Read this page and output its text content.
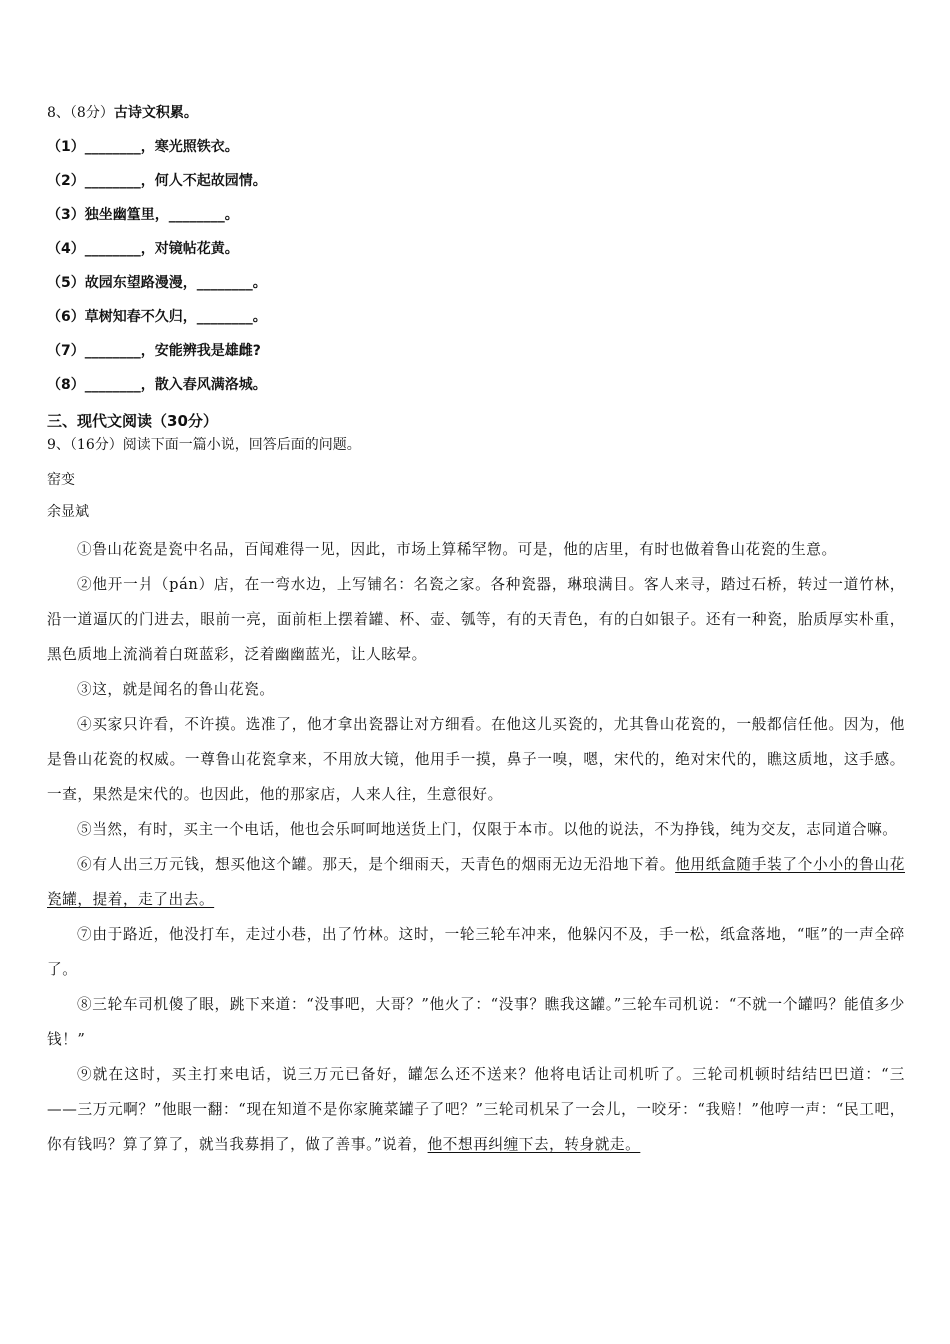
8、（8分）古诗文积累。
（1）________，寒光照铁衣。
（2）________，何人不起故园情。
（3）独坐幽篁里，________。
（4）________，对镜帖花黄。
（5）故园东望路漫漫，________。
（6）草树知春不久归，________。
（7）________，安能辨我是雄雌?
（8）________，散入春风满洛城。
三、现代文阅读（30分）
9、（16分）阅读下面一篇小说，回答后面的问题。
窑变
余显斌

①鲁山花瓷是瓷中名品，百闻难得一见，因此，市场上算稀罕物。可是，他的店里，有时也做着鲁山花瓷的生意。

②他开一爿（pán）店，在一弯水边，上写铺名：名瓷之家。各种瓷器，琳琅满目。客人来寻，踏过石桥，转过一道竹林，沿一道逼仄的门进去，眼前一亮，面前柜上摆着罐、杯、壶、瓠等，有的天青色，有的白如银子。还有一种瓷，胎质厚实朴重，黑色质地上流淌着白斑蓝彩，泛着幽幽蓝光，让人眩晕。

③这，就是闻名的鲁山花瓷。

④买家只许看，不许摸。选准了，他才拿出瓷器让对方细看。在他这儿买瓷的，尤其鲁山花瓷的，一般都信任他。因为，他是鲁山花瓷的权威。一尊鲁山花瓷拿来，不用放大镜，他用手一摸，鼻子一嗅，嗯，宋代的，绝对宋代的，瞧这质地，这手感。一查，果然是宋代的。也因此，他的那家店，人来人往，生意很好。

⑤当然，有时，买主一个电话，他也会乐呵呵地送货上门，仅限于本市。以他的说法，不为挣钱，纯为交友，志同道合嘛。

⑥有人出三万元钱，想买他这个罐。那天，是个细雨天，天青色的烟雨无边无沿地下着。他用纸盒随手装了个小小的鲁山花瓷罐，提着，走了出去。

⑦由于路近，他没打车，走过小巷，出了竹林。这时，一轮三轮车冲来，他躲闪不及，手一松，纸盒落地，“哐”的一声全碎了。

⑧三轮车司机傻了眼，跳下来道：“没事吧，大哥？”他火了：“没事？瞧我这罐。”三轮车司机说：“不就一个罐吗？能值多少钱！”

⑨就在这时，买主打来电话，说三万元已备好，罐怎么还不送来？他将电话让司机听了。三轮司机顿时结结巴巴道：“三——三万元啊？”他眼一翻：“现在知道不是你家腌菜罐子了吧？”三轮司机呆了一会儿，一咬牙：“我赔！”他哼一声：“民工吧，你有钱吗？算了算了，就当我募捐了，做了善事。”说着，他不想再纠缠下去，转身就走。
